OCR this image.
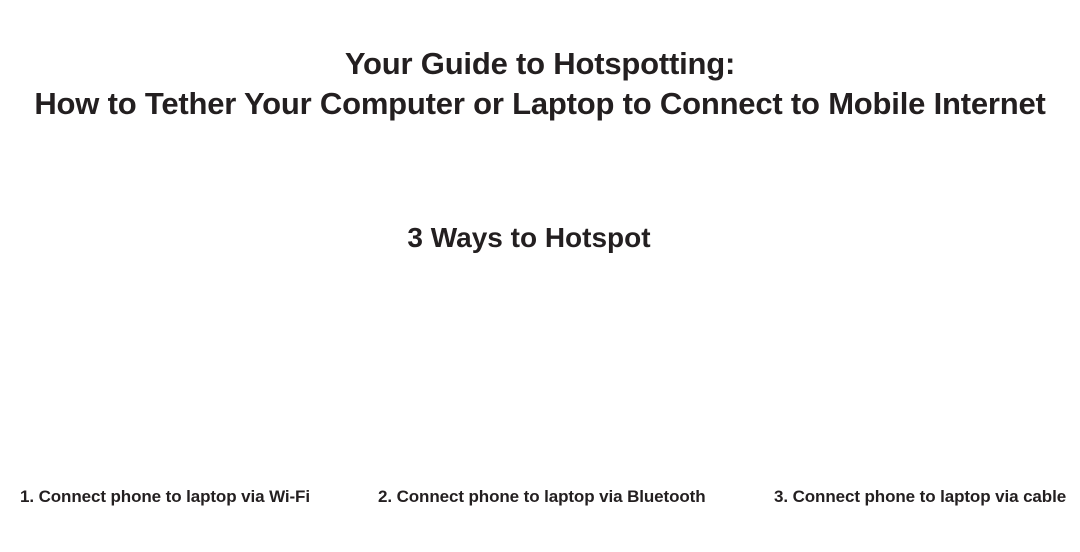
Your Guide to Hotspotting:
How to Tether Your Computer or Laptop to Connect to Mobile Internet
3 Ways to Hotspot
1. Connect phone to laptop via Wi-Fi	2. Connect phone to laptop via Bluetooth	3. Connect phone to laptop via cable
